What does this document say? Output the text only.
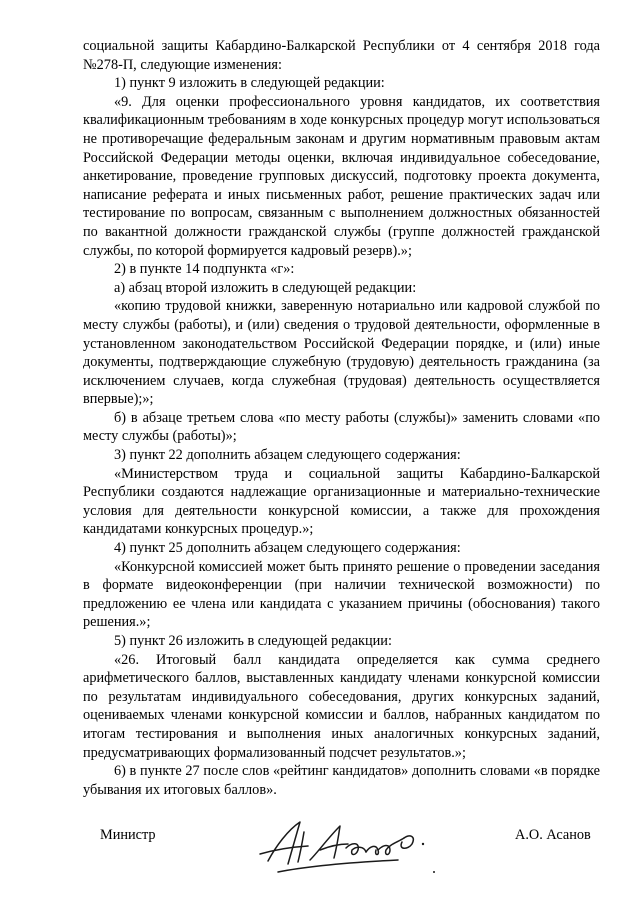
социальной защиты Кабардино-Балкарской Республики от 4 сентября 2018 года №278-П, следующие изменения:

1) пункт 9 изложить в следующей редакции:

«9. Для оценки профессионального уровня кандидатов, их соответствия квалификационным требованиям в ходе конкурсных процедур могут использоваться не противоречащие федеральным законам и другим нормативным правовым актам Российской Федерации методы оценки, включая индивидуальное собеседование, анкетирование, проведение групповых дискуссий, подготовку проекта документа, написание реферата и иных письменных работ, решение практических задач или тестирование по вопросам, связанным с выполнением должностных обязанностей по вакантной должности гражданской службы (группе должностей гражданской службы, по которой формируется кадровый резерв).»;

2) в пункте 14 подпункта «г»:

а) абзац второй изложить в следующей редакции:

«копию трудовой книжки, заверенную нотариально или кадровой службой по месту службы (работы), и (или) сведения о трудовой деятельности, оформленные в установленном законодательством Российской Федерации порядке, и (или) иные документы, подтверждающие служебную (трудовую) деятельность гражданина (за исключением случаев, когда служебная (трудовая) деятельность осуществляется впервые);»;

б) в абзаце третьем слова «по месту работы (службы)» заменить словами «по месту службы (работы)»;

3) пункт 22 дополнить абзацем следующего содержания:

«Министерством труда и социальной защиты Кабардино-Балкарской Республики создаются надлежащие организационные и материально-технические условия для деятельности конкурсной комиссии, а также для прохождения кандидатами конкурсных процедур.»;

4) пункт 25 дополнить абзацем следующего содержания:

«Конкурсной комиссией может быть принято решение о проведении заседания в формате видеоконференции (при наличии технической возможности) по предложению ее члена или кандидата с указанием причины (обоснования) такого решения.»;

5) пункт 26 изложить в следующей редакции:

«26. Итоговый балл кандидата определяется как сумма среднего арифметического баллов, выставленных кандидату членами конкурсной комиссии по результатам индивидуального собеседования, других конкурсных заданий, оцениваемых членами конкурсной комиссии и баллов, набранных кандидатом по итогам тестирования и выполнения иных аналогичных конкурсных заданий, предусматривающих формализованный подсчет результатов.»;

6) в пункте 27 после слов «рейтинг кандидатов» дополнить словами «в порядке убывания их итоговых баллов».

Министр	А.О. Асанов
